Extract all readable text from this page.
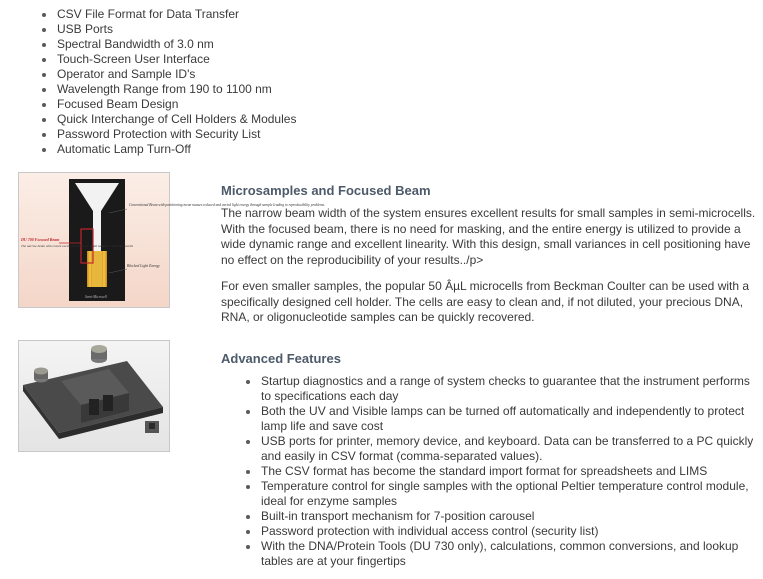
CSV File Format for Data Transfer
USB Ports
Spectral Bandwidth of 3.0 nm
Touch-Screen User Interface
Operator and Sample ID's
Wavelength Range from 190 to 1100 nm
Focused Beam Design
Quick Interchange of Cell Holders & Modules
Password Protection with Security List
Automatic Lamp Turn-Off
Conventional Beam with partitioning mean masses reduced and varied light energy through sample leading to reproducibility problems.
DU 700 Focused Beam
The narrow beam with ensure excellent results for small sample in semi microcells
Blocked Light Energy
Semi-Microcell
Microsamples and Focused Beam

The narrow beam width of the system ensures excellent results for small samples in semi-microcells. With the focused beam, there is no need for masking, and the entire energy is utilized to provide a wide dynamic range and excellent linearity. With this design, small variances in cell positioning have no effect on the reproducibility of your results../p>

For even smaller samples, the popular 50 ÂµL microcells from Beckman Coulter can be used with a specifically designed cell holder. The cells are easy to clean and, if not diluted, your precious DNA, RNA, or oligonucleotide samples can be quickly recovered.

Advanced Features
Startup diagnostics and a range of system checks to guarantee that the instrument performs to specifications each day
Both the UV and Visible lamps can be turned off automatically and independently to protect lamp life and save cost
USB ports for printer, memory device, and keyboard. Data can be transferred to a PC quickly and easily in CSV format (comma-separated values).
The CSV format has become the standard import format for spreadsheets and LIMS
Temperature control for single samples with the optional Peltier temperature control module, ideal for enzyme samples
Built-in transport mechanism for 7-position carousel
Password protection with individual access control (security list)
With the DNA/Protein Tools (DU 730 only), calculations, common conversions, and lookup tables are at your fingertips
